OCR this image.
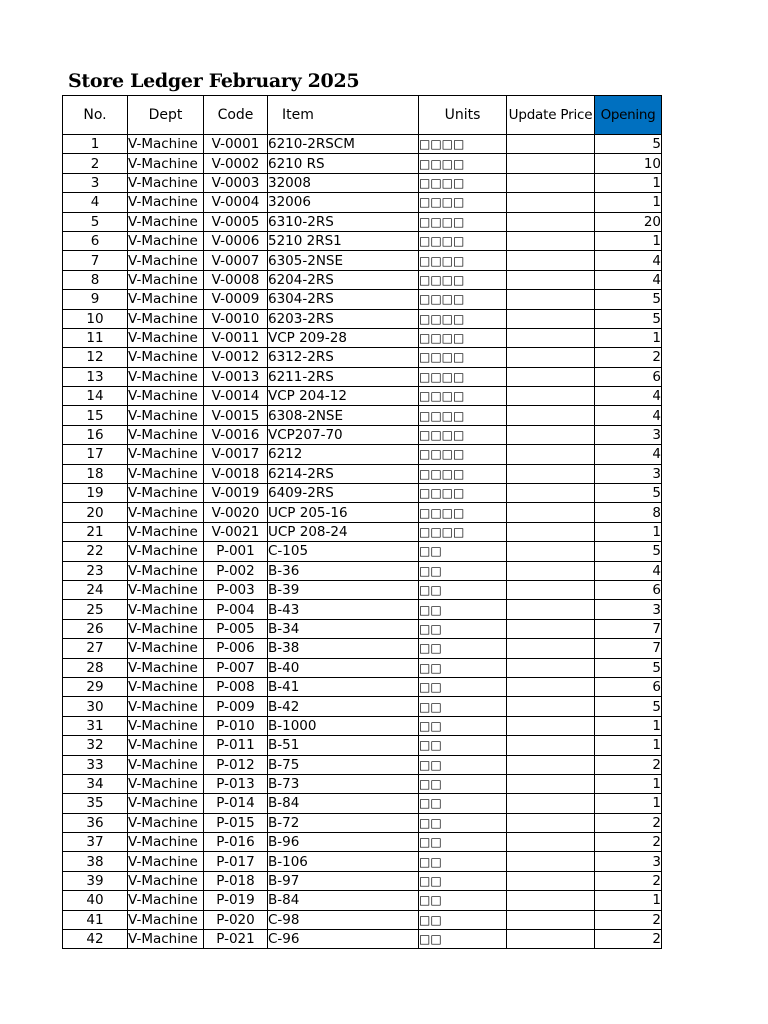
Store Ledger February 2025
No.	Dept	Code	Item	Units	Update Price	Opening
1	V-Machine	V-0001	6210-2RSCM	□□□□		5
2	V-Machine	V-0002	6210 RS	□□□□		10
3	V-Machine	V-0003	32008	□□□□		1
4	V-Machine	V-0004	32006	□□□□		1
5	V-Machine	V-0005	6310-2RS	□□□□		20
6	V-Machine	V-0006	5210 2RS1	□□□□		1
7	V-Machine	V-0007	6305-2NSE	□□□□		4
8	V-Machine	V-0008	6204-2RS	□□□□		4
9	V-Machine	V-0009	6304-2RS	□□□□		5
10	V-Machine	V-0010	6203-2RS	□□□□		5
11	V-Machine	V-0011	VCP 209-28	□□□□		1
12	V-Machine	V-0012	6312-2RS	□□□□		2
13	V-Machine	V-0013	6211-2RS	□□□□		6
14	V-Machine	V-0014	VCP 204-12	□□□□		4
15	V-Machine	V-0015	6308-2NSE	□□□□		4
16	V-Machine	V-0016	VCP207-70	□□□□		3
17	V-Machine	V-0017	6212	□□□□		4
18	V-Machine	V-0018	6214-2RS	□□□□		3
19	V-Machine	V-0019	6409-2RS	□□□□		5
20	V-Machine	V-0020	UCP 205-16	□□□□		8
21	V-Machine	V-0021	UCP 208-24	□□□□		1
22	V-Machine	P-001	C-105	□□		5
23	V-Machine	P-002	B-36	□□		4
24	V-Machine	P-003	B-39	□□		6
25	V-Machine	P-004	B-43	□□		3
26	V-Machine	P-005	B-34	□□		7
27	V-Machine	P-006	B-38	□□		7
28	V-Machine	P-007	B-40	□□		5
29	V-Machine	P-008	B-41	□□		6
30	V-Machine	P-009	B-42	□□		5
31	V-Machine	P-010	B-1000	□□		1
32	V-Machine	P-011	B-51	□□		1
33	V-Machine	P-012	B-75	□□		2
34	V-Machine	P-013	B-73	□□		1
35	V-Machine	P-014	B-84	□□		1
36	V-Machine	P-015	B-72	□□		2
37	V-Machine	P-016	B-96	□□		2
38	V-Machine	P-017	B-106	□□		3
39	V-Machine	P-018	B-97	□□		2
40	V-Machine	P-019	B-84	□□		1
41	V-Machine	P-020	C-98	□□		2
42	V-Machine	P-021	C-96	□□		2
